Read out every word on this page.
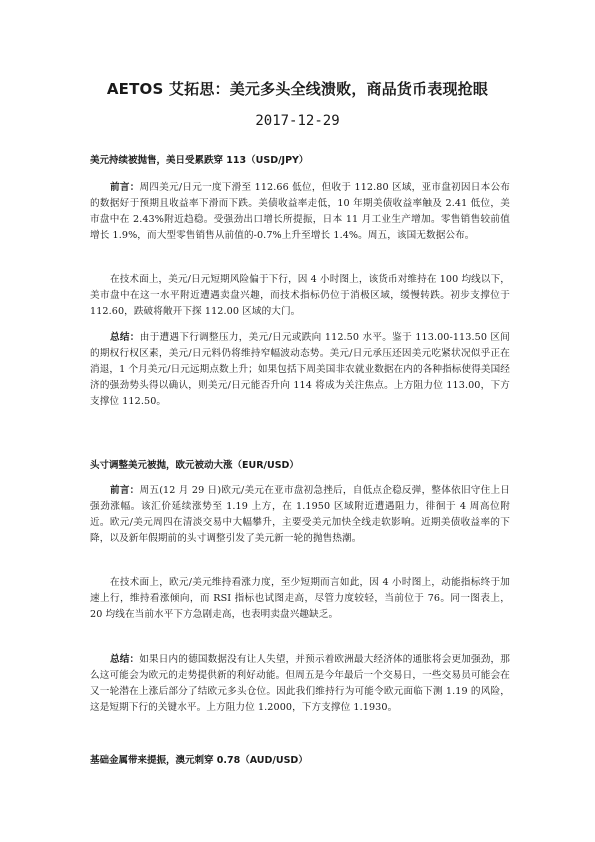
AETOS 艾拓思：美元多头全线溃败，商品货币表现抢眼
2017-12-29
美元持续被抛售，美日受累跌穿 113（USD/JPY）
前言：周四美元/日元一度下滑至 112.66 低位，但收于 112.80 区域，亚市盘初因日本公布的数据好于预期且收益率下滑而下跌。美债收益率走低，10 年期美债收益率触及 2.41 低位，美市盘中在 2.43%附近趋稳。受强劲出口增长所提振，日本 11 月工业生产增加。零售销售较前值增长 1.9%，而大型零售销售从前值的-0.7%上升至增长 1.4%。周五，该国无数据公布。
在技术面上，美元/日元短期风险偏于下行，因 4 小时图上，该货币对维持在 100 均线以下，美市盘中在这一水平附近遭遇卖盘兴趣，而技术指标仍位于消极区域，缓慢转跌。初步支撑位于 112.60，跌破将敞开下探 112.00 区域的大门。
总结：由于遭遇下行调整压力，美元/日元或跌向 112.50 水平。鉴于 113.00-113.50 区间的期权行权区素，美元/日元料仍将维持窄幅波动态势。美元/日元承压还因美元吃紧状况似乎正在消退，1 个月美元/日元远期点数上升；如果包括下周美国非农就业数据在内的各种指标使得美国经济的强劲势头得以确认，则美元/日元能否升向 114 将成为关注焦点。上方阻力位 113.00，下方支撑位 112.50。
头寸调整美元被抛，欧元被动大涨（EUR/USD）
前言：周五(12 月 29 日)欧元/美元在亚市盘初急挫后，自低点企稳反弹，整体依旧守住上日强劲涨幅。该汇价延续涨势至 1.19 上方，在 1.1950 区域附近遭遇阻力，徘徊于 4 周高位附近。欧元/美元周四在清淡交易中大幅攀升，主要受美元加快全线走软影响。近期美债收益率的下降，以及新年假期前的头寸调整引发了美元新一轮的抛售热潮。
在技术面上，欧元/美元维持看涨力度，至少短期而言如此，因 4 小时图上，动能指标终于加速上行，维持看涨倾向，而 RSI 指标也试图走高，尽管力度较轻，当前位于 76。同一图表上，20 均线在当前水平下方急剧走高，也表明卖盘兴趣缺乏。
总结：如果日内的德国数据没有让人失望，并预示着欧洲最大经济体的通胀将会更加强劲，那么这可能会为欧元的走势提供新的利好动能。但周五是今年最后一个交易日，一些交易员可能会在又一轮潜在上涨后部分了结欧元多头仓位。因此我们维持行为可能令欧元面临下测 1.19 的风险，这是短期下行的关键水平。上方阻力位 1.2000，下方支撑位 1.1930。
基础金属带来提振，澳元刺穿 0.78（AUD/USD）
